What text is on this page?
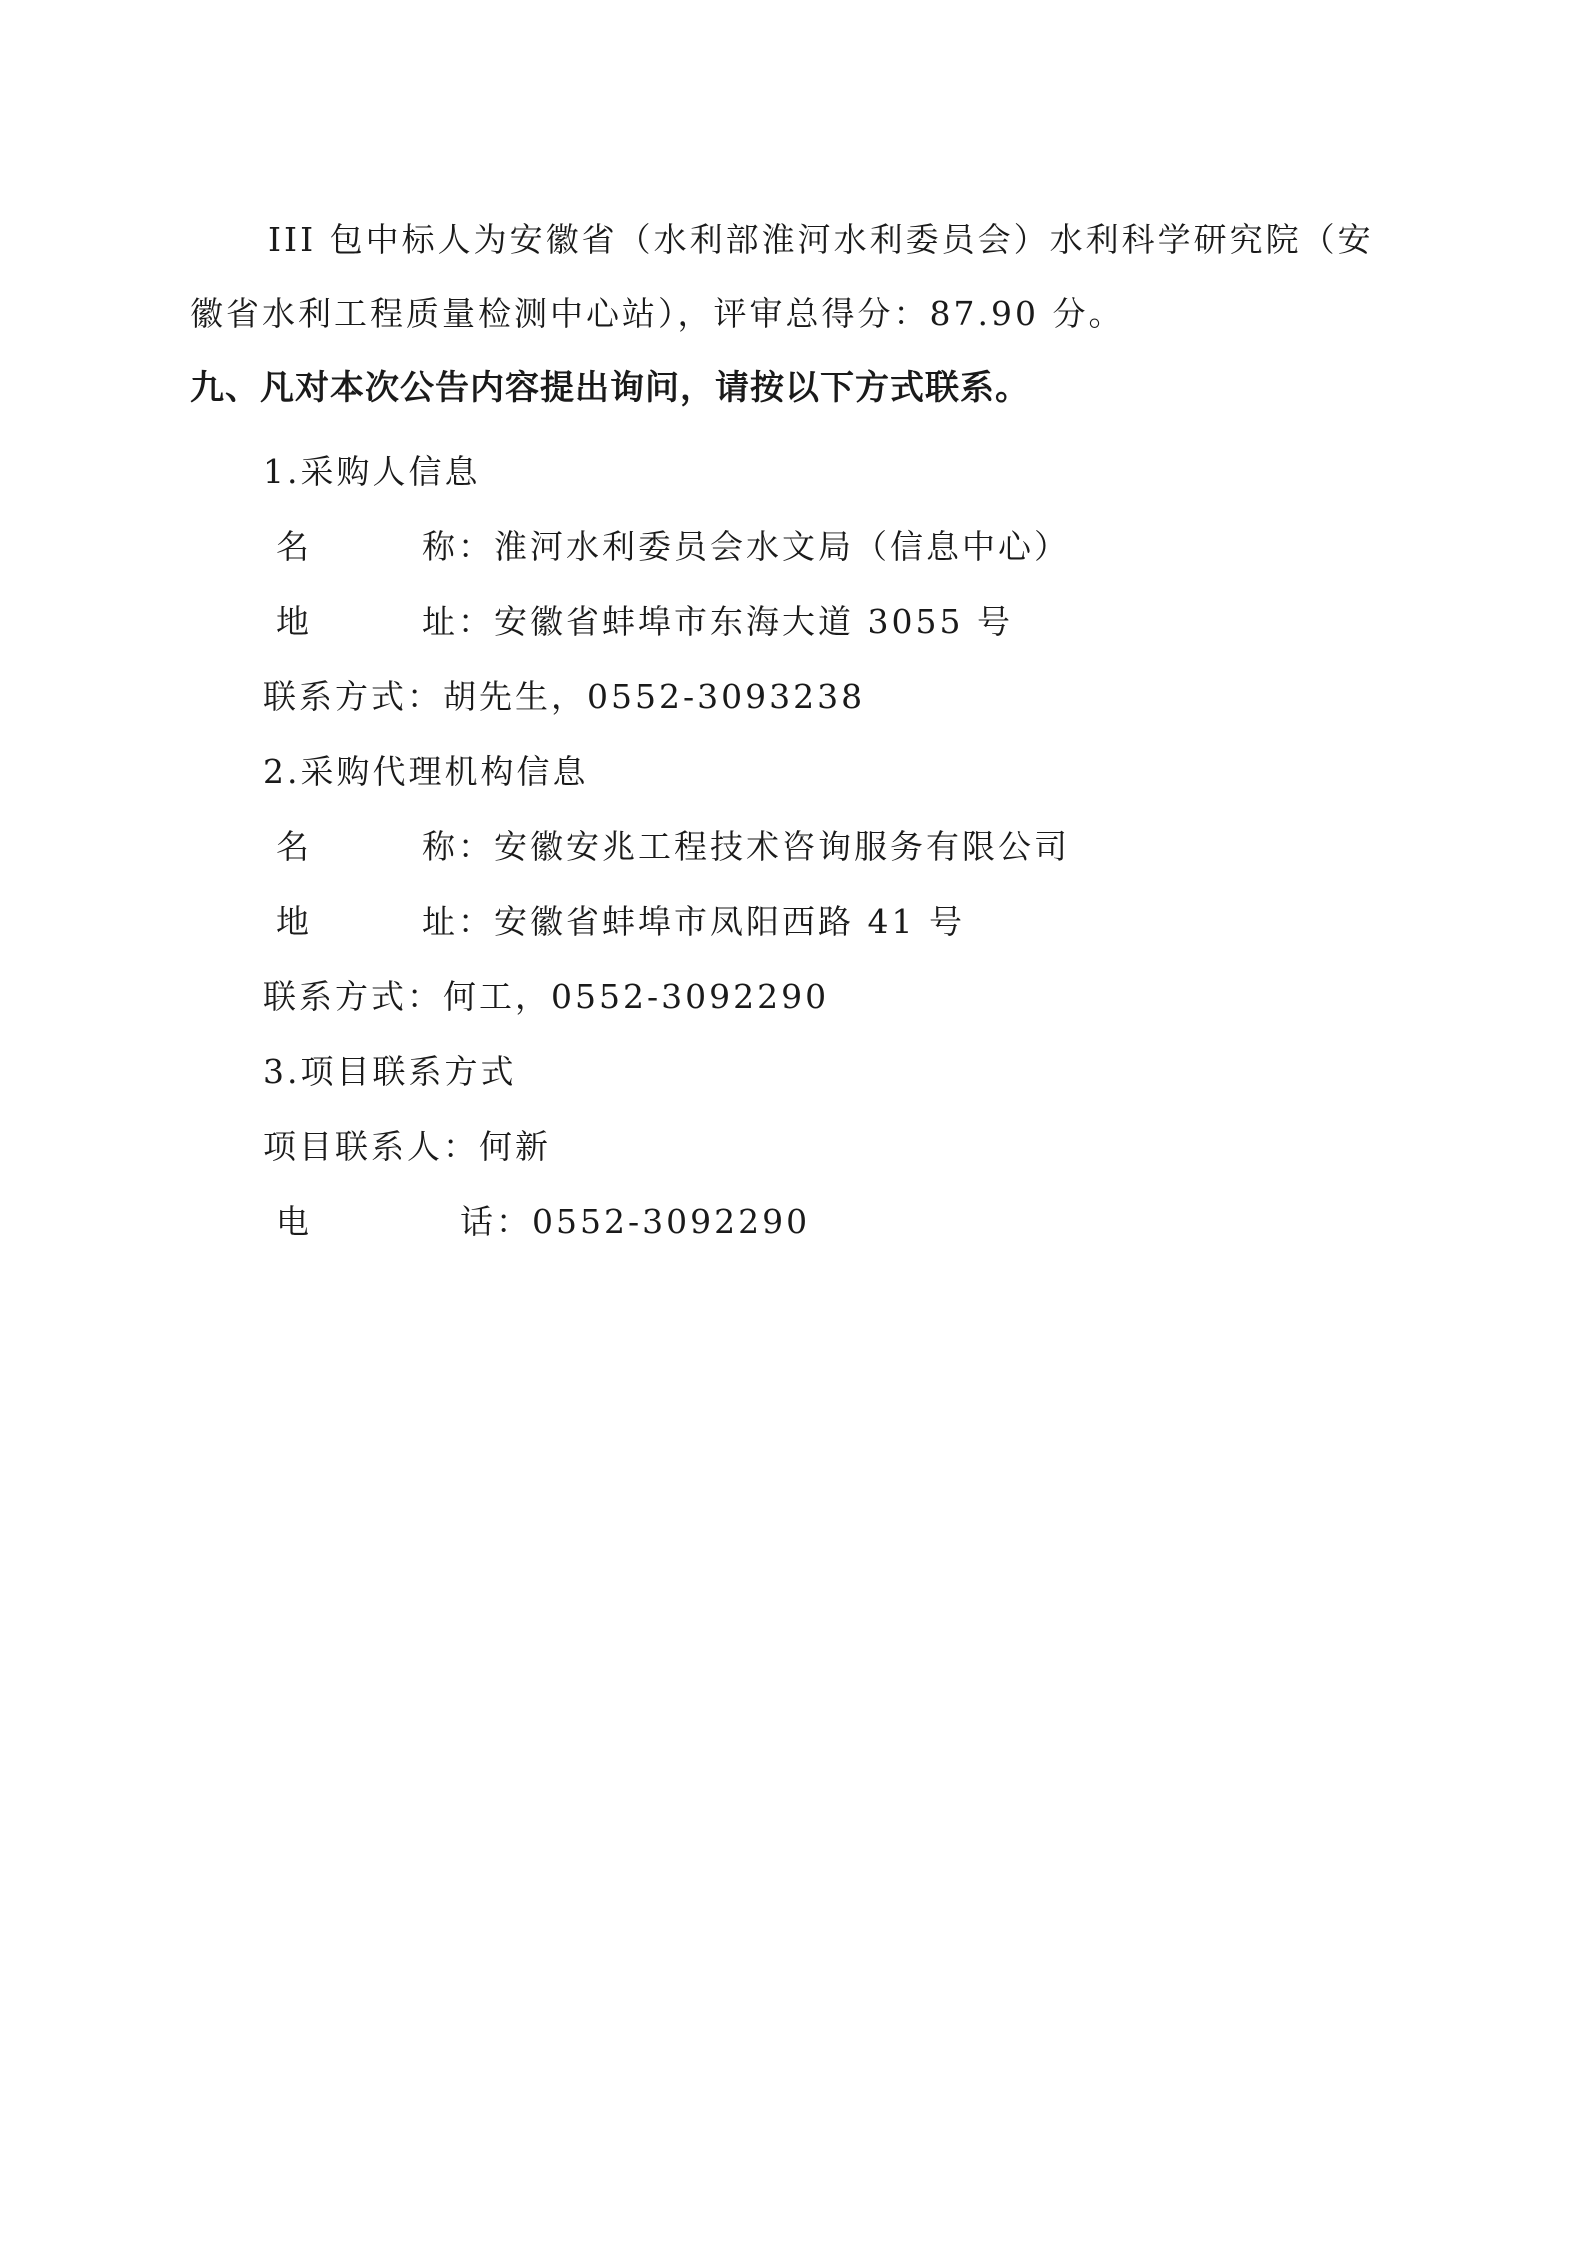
III 包中标人为安徽省（水利部淮河水利委员会）水利科学研究院（安
徽省水利工程质量检测中心站），评审总得分：87.90 分。
九、凡对本次公告内容提出询问，请按以下方式联系。
1.采购人信息
名	称：淮河水利委员会水文局（信息中心）
地	址：安徽省蚌埠市东海大道 3055 号
联系方式：胡先生，0552-3093238
2.采购代理机构信息
名	称：安徽安兆工程技术咨询服务有限公司
地	址：安徽省蚌埠市凤阳西路 41 号
联系方式：何工，0552-3092290
3.项目联系方式
项目联系人：何新
电	话：0552-3092290
